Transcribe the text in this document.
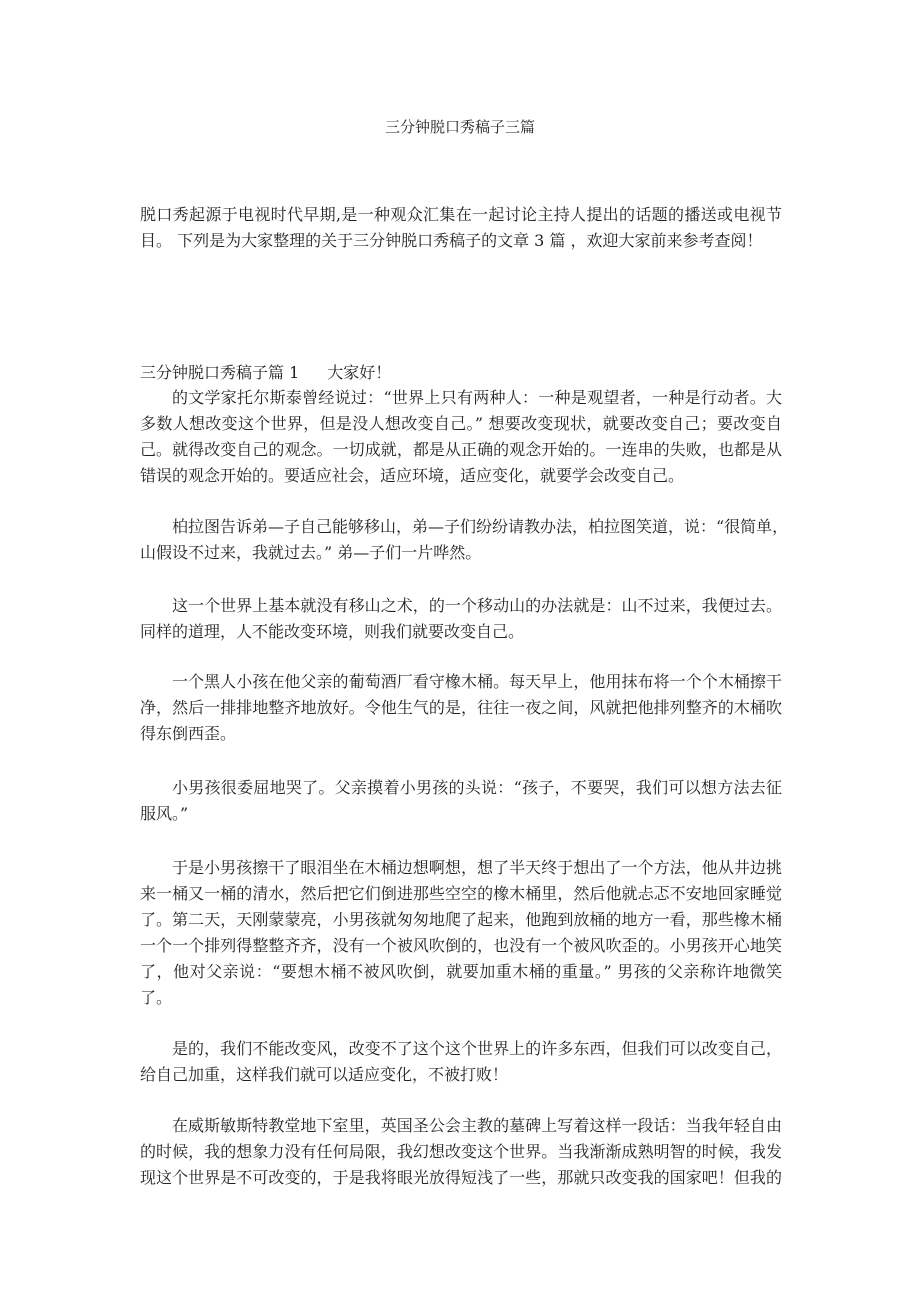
三分钟脱口秀稿子三篇
脱口秀起源于电视时代早期,是一种观众汇集在一起讨论主持人提出的话题的播送或电视节
目。 下列是为大家整理的关于三分钟脱口秀稿子的文章 3 篇 ，欢迎大家前来参考查阅！
三分钟脱口秀稿子篇 1 大家好！
的文学家托尔斯泰曾经说过：“世界上只有两种人：一种是观望者，一种是行动者。大
多数人想改变这个世界，但是没人想改变自己。” 想要改变现状，就要改变自己；要改变自
己。就得改变自己的观念。一切成就，都是从正确的观念开始的。一连串的失败，也都是从
错误的观念开始的。要适应社会，适应环境，适应变化，就要学会改变自己。
柏拉图告诉弟—子自己能够移山，弟—子们纷纷请教办法，柏拉图笑道，说：“很简单，
山假设不过来，我就过去。” 弟—子们一片哗然。
这一个世界上基本就没有移山之术，的一个移动山的办法就是：山不过来，我便过去。
同样的道理，人不能改变环境，则我们就要改变自己。
一个黑人小孩在他父亲的葡萄酒厂看守橡木桶。每天早上，他用抹布将一个个木桶擦干
净，然后一排排地整齐地放好。令他生气的是，往往一夜之间，风就把他排列整齐的木桶吹
得东倒西歪。
小男孩很委屈地哭了。父亲摸着小男孩的头说：“孩子，不要哭，我们可以想方法去征
服风。”
于是小男孩擦干了眼泪坐在木桶边想啊想，想了半天终于想出了一个方法，他从井边挑
来一桶又一桶的清水，然后把它们倒进那些空空的橡木桶里，然后他就忐忑不安地回家睡觉
了。第二天，天刚蒙蒙亮，小男孩就匆匆地爬了起来，他跑到放桶的地方一看，那些橡木桶
一个一个排列得整整齐齐，没有一个被风吹倒的，也没有一个被风吹歪的。小男孩开心地笑
了，他对父亲说：“要想木桶不被风吹倒，就要加重木桶的重量。” 男孩的父亲称许地微笑
了。
是的，我们不能改变风，改变不了这个这个世界上的许多东西，但我们可以改变自己，
给自己加重，这样我们就可以适应变化，不被打败！
在威斯敏斯特教堂地下室里，英国圣公会主教的墓碑上写着这样一段话：当我年轻自由
的时候，我的想象力没有任何局限，我幻想改变这个世界。当我渐渐成熟明智的时候，我发
现这个世界是不可改变的，于是我将眼光放得短浅了一些，那就只改变我的国家吧！但我的
